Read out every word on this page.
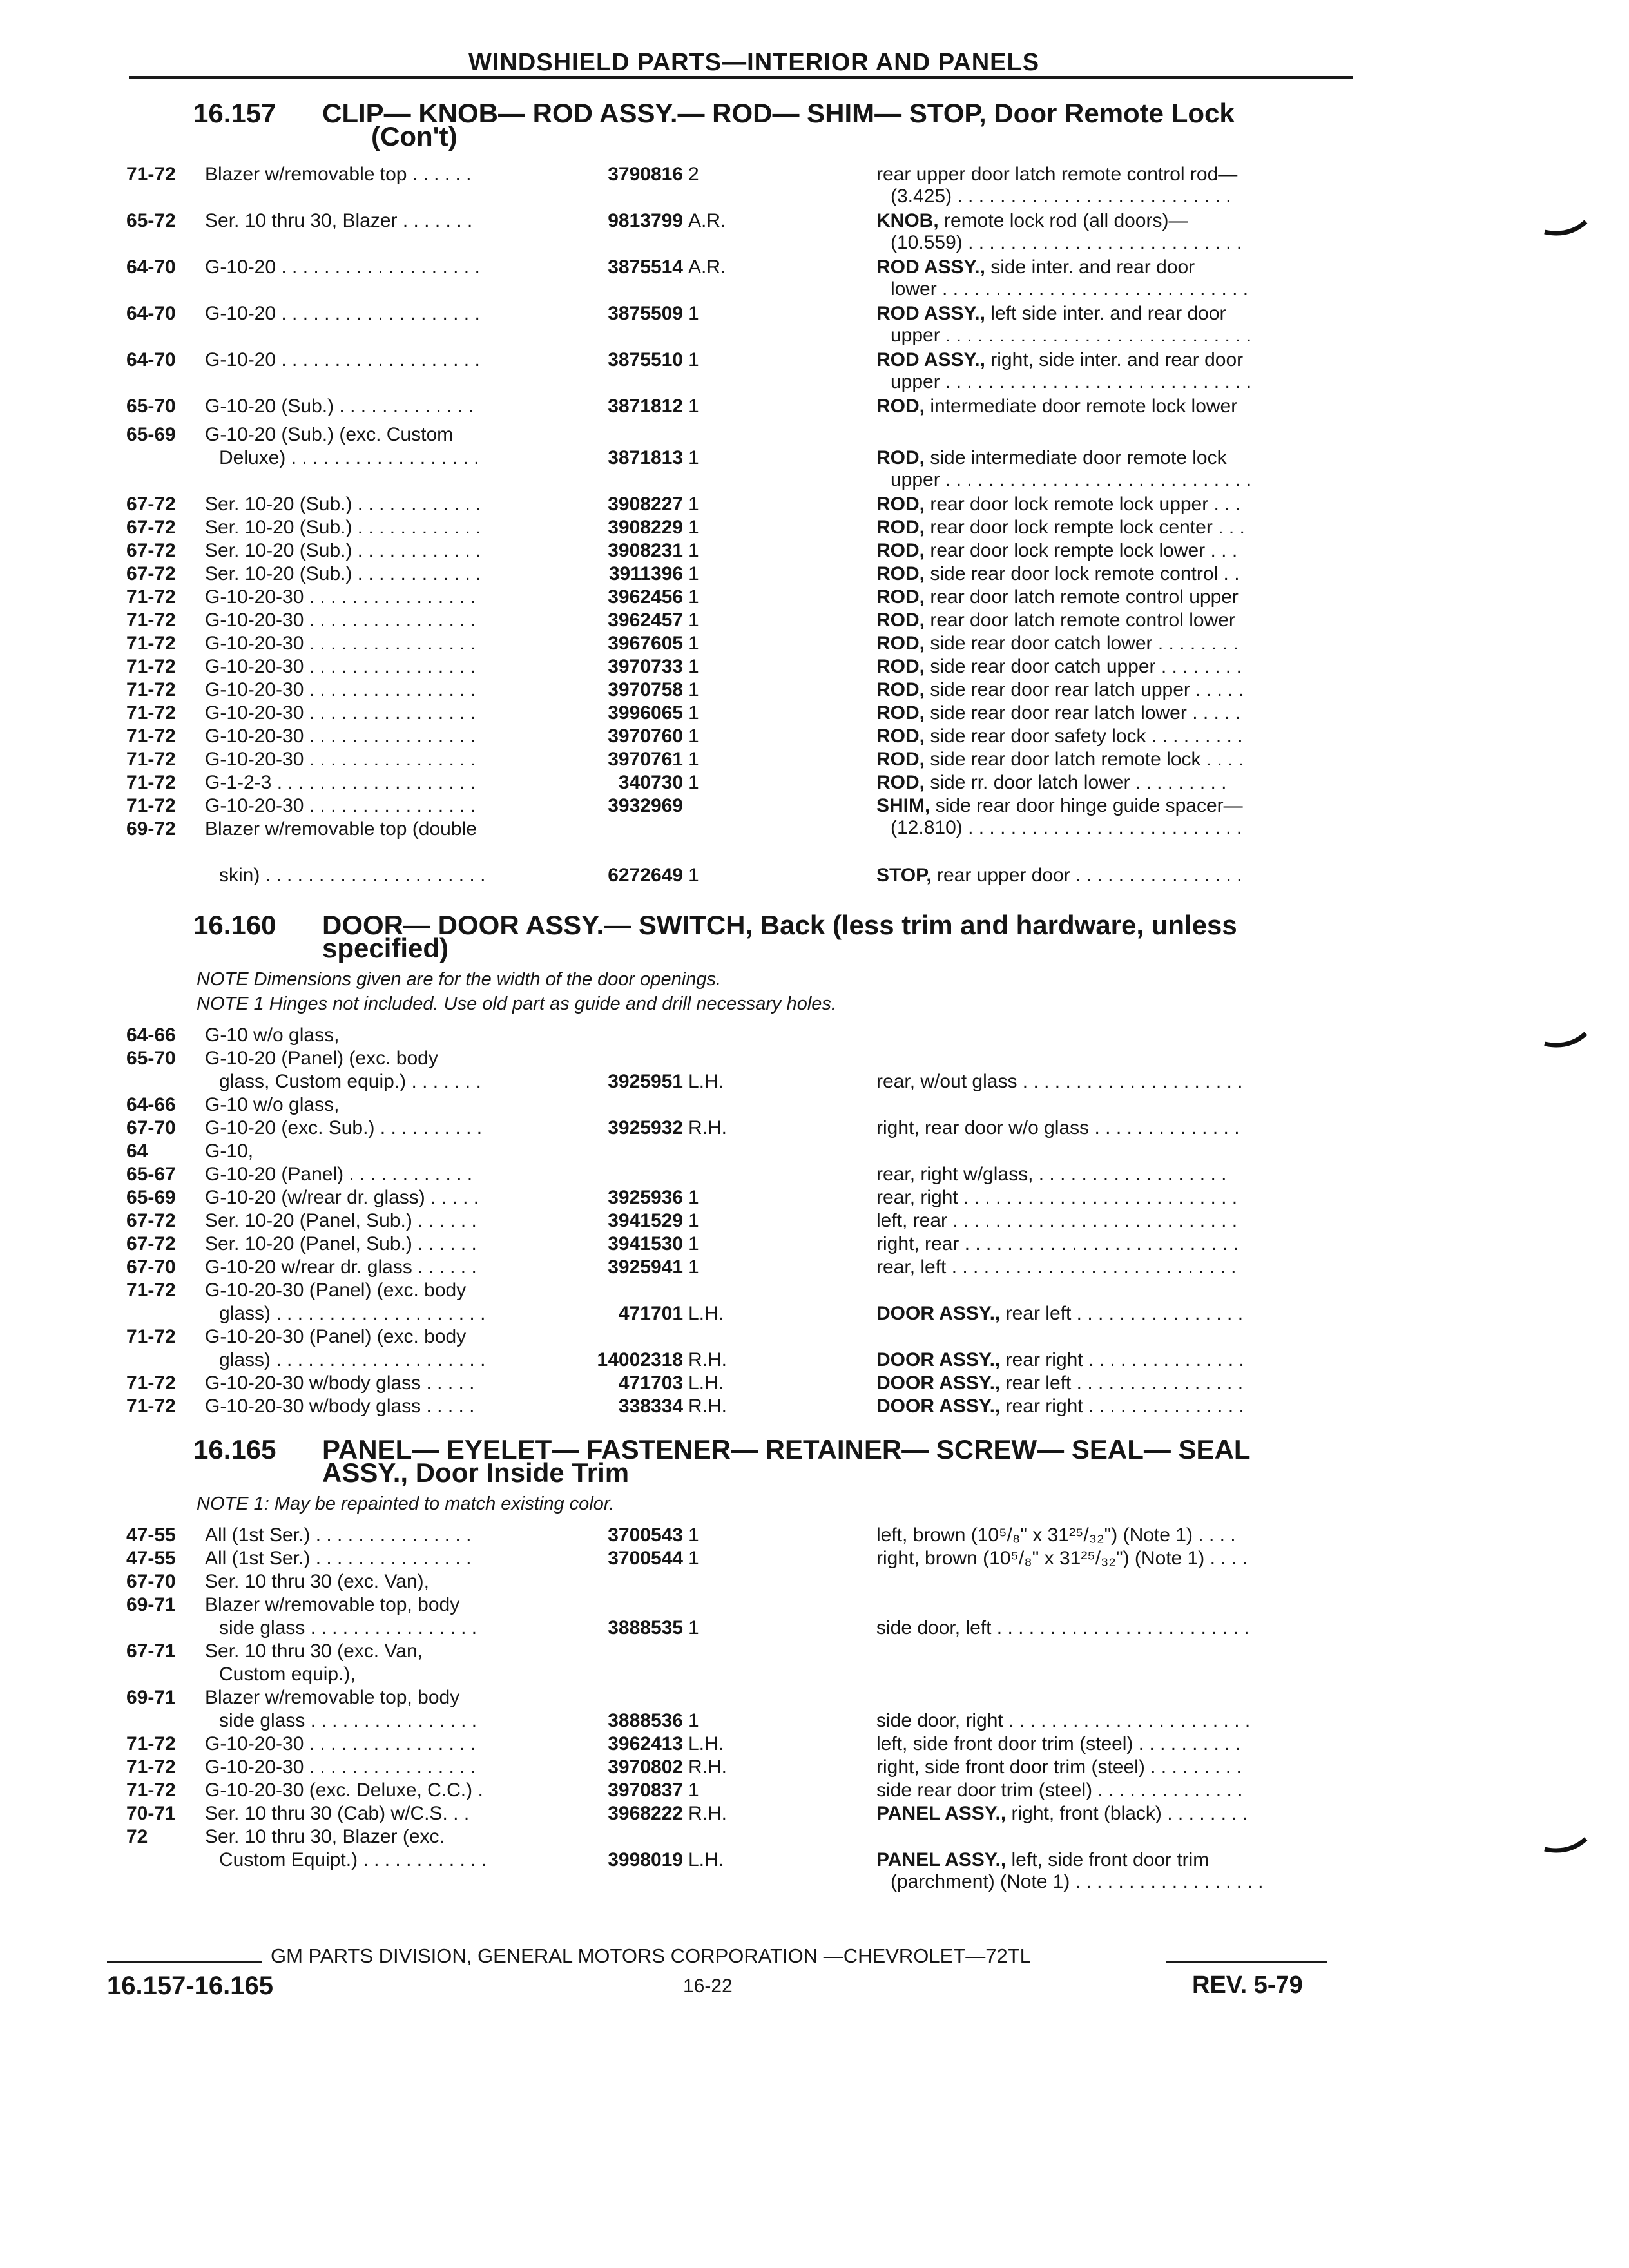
WINDSHIELD PARTS—INTERIOR AND PANELS
16.157 CLIP— KNOB— ROD ASSY.— ROD— SHIM— STOP, Door Remote Lock
(Con't)
71-72 Blazer w/removable top . . . . . .	3790816 2	rear upper door latch remote control rod—
(3.425) . . . . . . . . . . . . . . . . . . . . . . . . . .
65-72 Ser. 10 thru 30, Blazer . . . . . . .	9813799 A.R.	KNOB, remote lock rod (all doors)—
(10.559) . . . . . . . . . . . . . . . . . . . . . . . . . .
64-70 G-10-20 . . . . . . . . . . . . . . . . . . .	3875514 A.R.	ROD ASSY., side inter. and rear door
lower . . . . . . . . . . . . . . . . . . . . . . . . . . . . .
64-70 G-10-20 . . . . . . . . . . . . . . . . . . .	3875509 1	ROD ASSY., left side inter. and rear door
upper . . . . . . . . . . . . . . . . . . . . . . . . . . . . .
64-70 G-10-20 . . . . . . . . . . . . . . . . . . .	3875510 1	ROD ASSY., right, side inter. and rear door
upper . . . . . . . . . . . . . . . . . . . . . . . . . . . . .
65-70 G-10-20 (Sub.) . . . . . . . . . . . . .	3871812 1	ROD, intermediate door remote lock lower
65-69 G-10-20 (Sub.) (exc. Custom
Deluxe) . . . . . . . . . . . . . . . . . .	3871813 1	ROD, side intermediate door remote lock
upper . . . . . . . . . . . . . . . . . . . . . . . . . . . . .
67-72 Ser. 10-20 (Sub.) . . . . . . . . . . . .	3908227 1	ROD, rear door lock remote lock upper . . .
67-72 Ser. 10-20 (Sub.) . . . . . . . . . . . .	3908229 1	ROD, rear door lock rempte lock center . . .
67-72 Ser. 10-20 (Sub.) . . . . . . . . . . . .	3908231 1	ROD, rear door lock rempte lock lower . . .
67-72 Ser. 10-20 (Sub.) . . . . . . . . . . . .	3911396 1	ROD, side rear door lock remote control . .
71-72 G-10-20-30 . . . . . . . . . . . . . . . .	3962456 1	ROD, rear door latch remote control upper
71-72 G-10-20-30 . . . . . . . . . . . . . . . .	3962457 1	ROD, rear door latch remote control lower
71-72 G-10-20-30 . . . . . . . . . . . . . . . .	3967605 1	ROD, side rear door catch lower . . . . . . . .
71-72 G-10-20-30 . . . . . . . . . . . . . . . .	3970733 1	ROD, side rear door catch upper . . . . . . . .
71-72 G-10-20-30 . . . . . . . . . . . . . . . .	3970758 1	ROD, side rear door rear latch upper . . . . .
71-72 G-10-20-30 . . . . . . . . . . . . . . . .	3996065 1	ROD, side rear door rear latch lower . . . . .
71-72 G-10-20-30 . . . . . . . . . . . . . . . .	3970760 1	ROD, side rear door safety lock . . . . . . . . .
71-72 G-10-20-30 . . . . . . . . . . . . . . . .	3970761 1	ROD, side rear door latch remote lock . . . .
71-72 G-1-2-3 . . . . . . . . . . . . . . . . . . .	340730 1	ROD, side rr. door latch lower . . . . . . . . .
71-72 G-10-20-30 . . . . . . . . . . . . . . . .	3932969	SHIM, side rear door hinge guide spacer—
(12.810) . . . . . . . . . . . . . . . . . . . . . . . . . .
69-72 Blazer w/removable top (double
skin) . . . . . . . . . . . . . . . . . . . . .	6272649 1	STOP, rear upper door . . . . . . . . . . . . . . . .
16.160 DOOR— DOOR ASSY.— SWITCH, Back (less trim and hardware, unless
specified)
NOTE Dimensions given are for the width of the door openings.
NOTE 1 Hinges not included. Use old part as guide and drill necessary holes.
64-66 G-10 w/o glass,
65-70 G-10-20 (Panel) (exc. body
glass, Custom equip.) . . . . . . .	3925951 L.H.	rear, w/out glass . . . . . . . . . . . . . . . . . . . . .
64-66 G-10 w/o glass,
67-70 G-10-20 (exc. Sub.) . . . . . . . . . .	3925932 R.H.	right, rear door w/o glass . . . . . . . . . . . . . .
64	G-10,
65-67 G-10-20 (Panel) . . . . . . . . . . . .	rear, right w/glass, . . . . . . . . . . . . . . . . . .
65-69 G-10-20 (w/rear dr. glass) . . . . .	3925936 1	rear, right . . . . . . . . . . . . . . . . . . . . . . . . . .
67-72 Ser. 10-20 (Panel, Sub.) . . . . . .	3941529 1	left, rear . . . . . . . . . . . . . . . . . . . . . . . . . . .
67-72 Ser. 10-20 (Panel, Sub.) . . . . . .	3941530 1	right, rear . . . . . . . . . . . . . . . . . . . . . . . . . .
67-70 G-10-20 w/rear dr. glass . . . . . .	3925941 1	rear, left . . . . . . . . . . . . . . . . . . . . . . . . . . .
71-72 G-10-20-30 (Panel) (exc. body
glass) . . . . . . . . . . . . . . . . . . . .	471701 L.H.	DOOR ASSY., rear left . . . . . . . . . . . . . . . .
71-72 G-10-20-30 (Panel) (exc. body
glass) . . . . . . . . . . . . . . . . . . . .	14002318 R.H.	DOOR ASSY., rear right . . . . . . . . . . . . . . .
71-72 G-10-20-30 w/body glass . . . . .	471703 L.H.	DOOR ASSY., rear left . . . . . . . . . . . . . . . .
71-72 G-10-20-30 w/body glass . . . . .	338334 R.H.	DOOR ASSY., rear right . . . . . . . . . . . . . . .
16.165 PANEL— EYELET— FASTENER— RETAINER— SCREW— SEAL— SEAL
ASSY., Door Inside Trim
NOTE 1: May be repainted to match existing color.
47-55 All (1st Ser.) . . . . . . . . . . . . . . .	3700543 1	left, brown (10⁵/₈" x 31²⁵/₃₂") (Note 1) . . . .
47-55 All (1st Ser.) . . . . . . . . . . . . . . .	3700544 1	right, brown (10⁵/₈" x 31²⁵/₃₂") (Note 1) . . . .
67-70 Ser. 10 thru 30 (exc. Van),
69-71 Blazer w/removable top, body
side glass . . . . . . . . . . . . . . . .	3888535 1	side door, left . . . . . . . . . . . . . . . . . . . . . . . .
67-71 Ser. 10 thru 30 (exc. Van,
Custom equip.),
69-71 Blazer w/removable top, body
side glass . . . . . . . . . . . . . . . .	3888536 1	side door, right . . . . . . . . . . . . . . . . . . . . . . .
71-72 G-10-20-30 . . . . . . . . . . . . . . . .	3962413 L.H.	left, side front door trim (steel) . . . . . . . . . .
71-72 G-10-20-30 . . . . . . . . . . . . . . . .	3970802 R.H.	right, side front door trim (steel) . . . . . . . . .
71-72 G-10-20-30 (exc. Deluxe, C.C.) .	3970837 1	side rear door trim (steel) . . . . . . . . . . . . . .
70-71 Ser. 10 thru 30 (Cab) w/C.S. . .	3968222 R.H.	PANEL ASSY., right, front (black) . . . . . . . .
72	Ser. 10 thru 30, Blazer (exc.
Custom Equipt.) . . . . . . . . . . . .	3998019 L.H.	PANEL ASSY., left, side front door trim
(parchment) (Note 1) . . . . . . . . . . . . . . . . . .
GM PARTS DIVISION, GENERAL MOTORS CORPORATION —CHEVROLET—72TL
16.157-16.165	16-22	REV. 5-79
